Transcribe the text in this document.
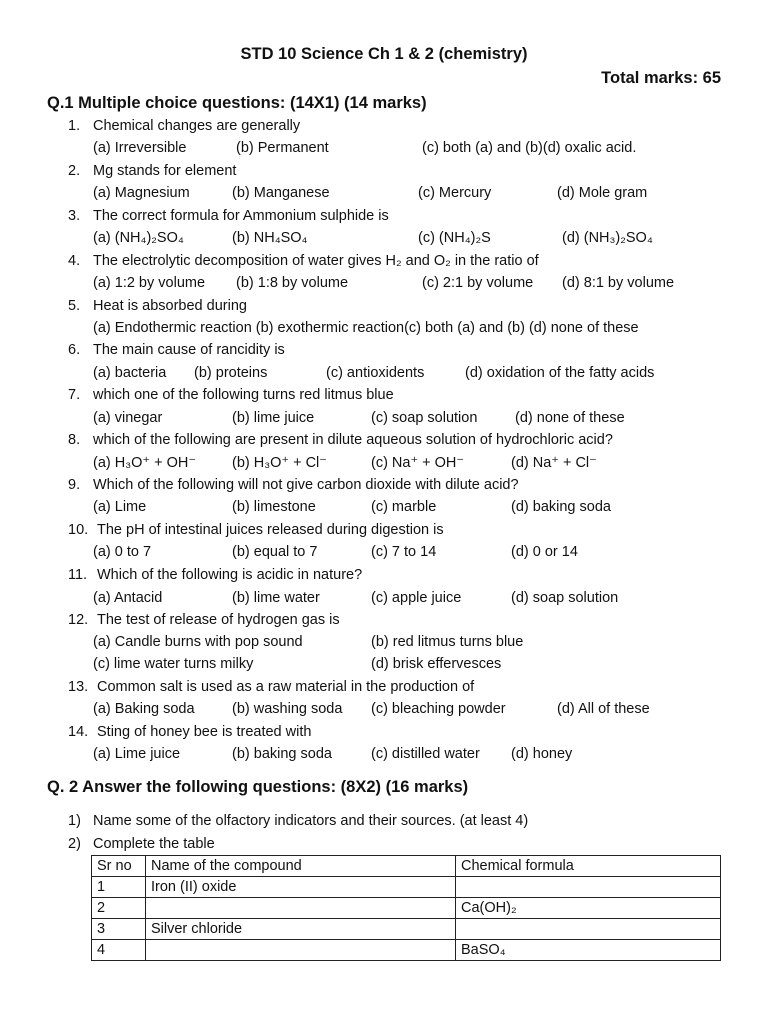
STD 10 Science Ch 1 & 2 (chemistry)
Total marks: 65
Q.1 Multiple choice questions: (14X1) (14 marks)
1. Chemical changes are generally
(a) Irreversible	(b) Permanent	(c) both (a) and (b)(d) oxalic acid.
2. Mg stands for element
(a) Magnesium	(b) Manganese	(c) Mercury	(d) Mole gram
3. The correct formula for Ammonium sulphide is
(a) (NH₄)₂SO₄	(b) NH₄SO₄	(c) (NH₄)₂S	(d) (NH₃)₂SO₄
4. The electrolytic decomposition of water gives H₂ and O₂ in the ratio of
(a) 1:2 by volume (b) 1:8 by volume	(c) 2:1 by volume (d) 8:1 by volume
5. Heat is absorbed during
(a) Endothermic reaction (b) exothermic reaction(c) both (a) and (b) (d) none of these
6. The main cause of rancidity is
(a) bacteria (b) proteins	(c) antioxidents	(d) oxidation of the fatty acids
7. which one of the following turns red litmus blue
(a) vinegar	(b) lime juice	(c) soap solution	(d) none of these
8. which of the following are present in dilute aqueous solution of hydrochloric acid?
(a) H₃O⁺ + OH⁻ (b) H₃O⁺ + Cl⁻	(c) Na⁺ + OH⁻	(d) Na⁺ + Cl⁻
9. Which of the following will not give carbon dioxide with dilute acid?
(a) Lime	(b) limestone	(c) marble	(d) baking soda
10. The pH of intestinal juices released during digestion is
(a) 0 to 7	(b) equal to 7	(c) 7 to 14	(d) 0 or 14
11. Which of the following is acidic in nature?
(a) Antacid	(b) lime water	(c) apple juice	(d) soap solution
12. The test of release of hydrogen gas is
(a) Candle burns with pop sound	(b) red litmus turns blue
(c) lime water turns milky	(d) brisk effervesces
13. Common salt is used as a raw material in the production of
(a) Baking soda	(b) washing soda (c) bleaching powder	(d) All of these
14. Sting of honey bee is treated with
(a) Lime juice	(b) baking soda	(c) distilled water (d) honey
Q. 2 Answer the following questions: (8X2) (16 marks)
1) Name some of the olfactory indicators and their sources. (at least 4)
2) Complete the table
Sr no	Name of the compound	Chemical formula
1	Iron (II) oxide	
2		Ca(OH)₂
3	Silver chloride	
4		BaSO₄
